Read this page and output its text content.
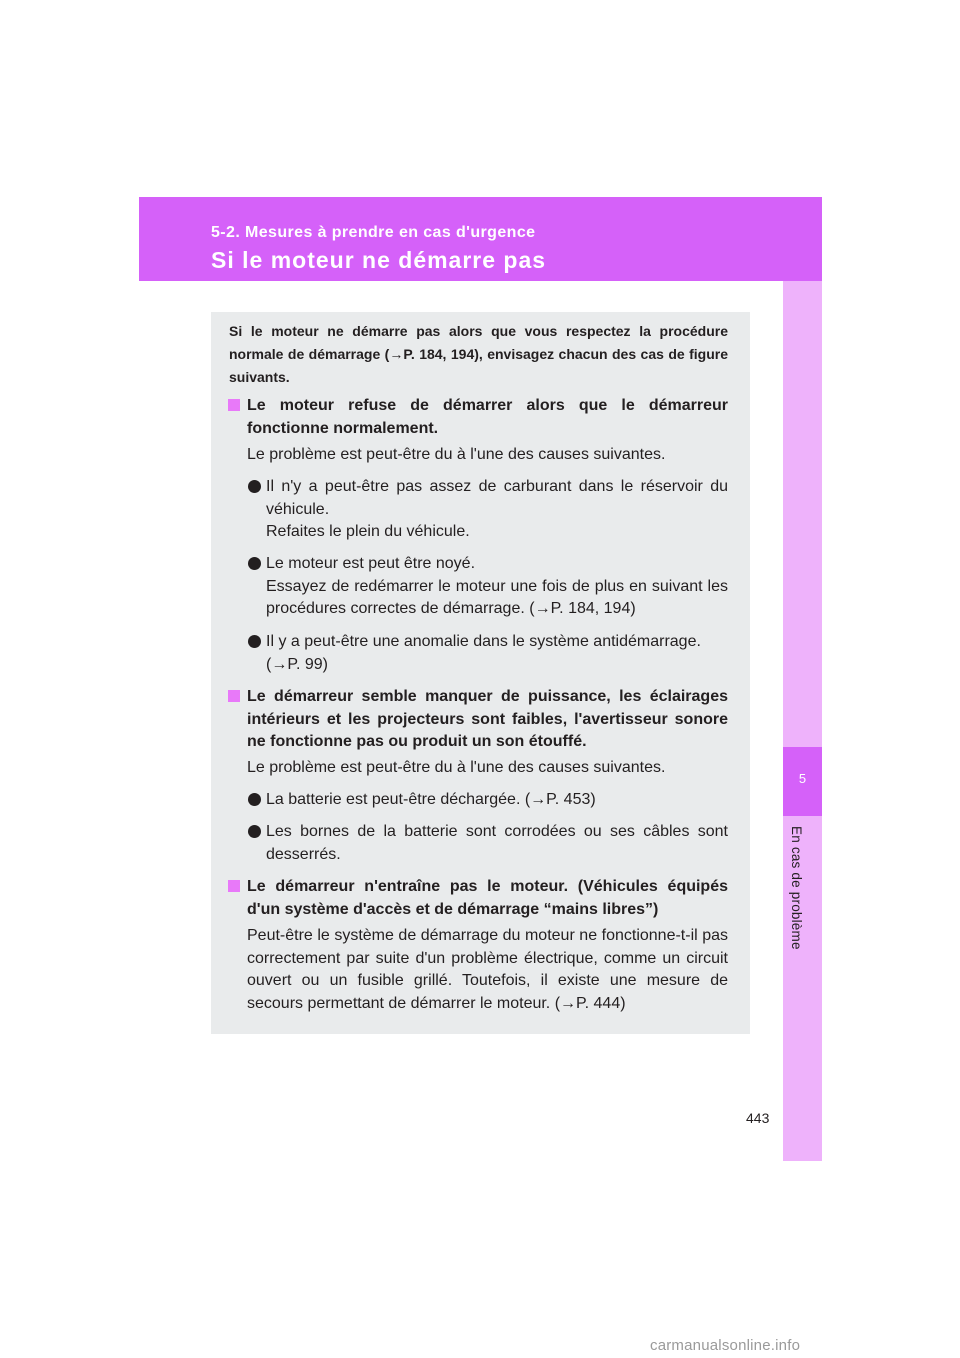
5-2. Mesures à prendre en cas d'urgence
Si le moteur ne démarre pas
5
En cas de problème
Si le moteur ne démarre pas alors que vous respectez la procédure normale de démarrage (→P. 184, 194), envisagez chacun des cas de figure suivants.
Le moteur refuse de démarrer alors que le démarreur fonctionne normalement.
Le problème est peut-être du à l'une des causes suivantes.
Il n'y a peut-être pas assez de carburant dans le réservoir du véhicule.
Refaites le plein du véhicule.
Le moteur est peut être noyé.
Essayez de redémarrer le moteur une fois de plus en suivant les procédures correctes de démarrage. (→P. 184, 194)
Il y a peut-être une anomalie dans le système antidémarrage.
(→P. 99)
Le démarreur semble manquer de puissance, les éclairages intérieurs et les projecteurs sont faibles, l'avertisseur sonore ne fonctionne pas ou produit un son étouffé.
Le problème est peut-être du à l'une des causes suivantes.
La batterie est peut-être déchargée. (→P. 453)
Les bornes de la batterie sont corrodées ou ses câbles sont desserrés.
Le démarreur n'entraîne pas le moteur. (Véhicules équipés d'un système d'accès et de démarrage “mains libres”)
Peut-être le système de démarrage du moteur ne fonctionne-t-il pas correctement par suite d'un problème électrique, comme un circuit ouvert ou un fusible grillé. Toutefois, il existe une mesure de secours permettant de démarrer le moteur. (→P. 444)
443
carmanualsonline.info
